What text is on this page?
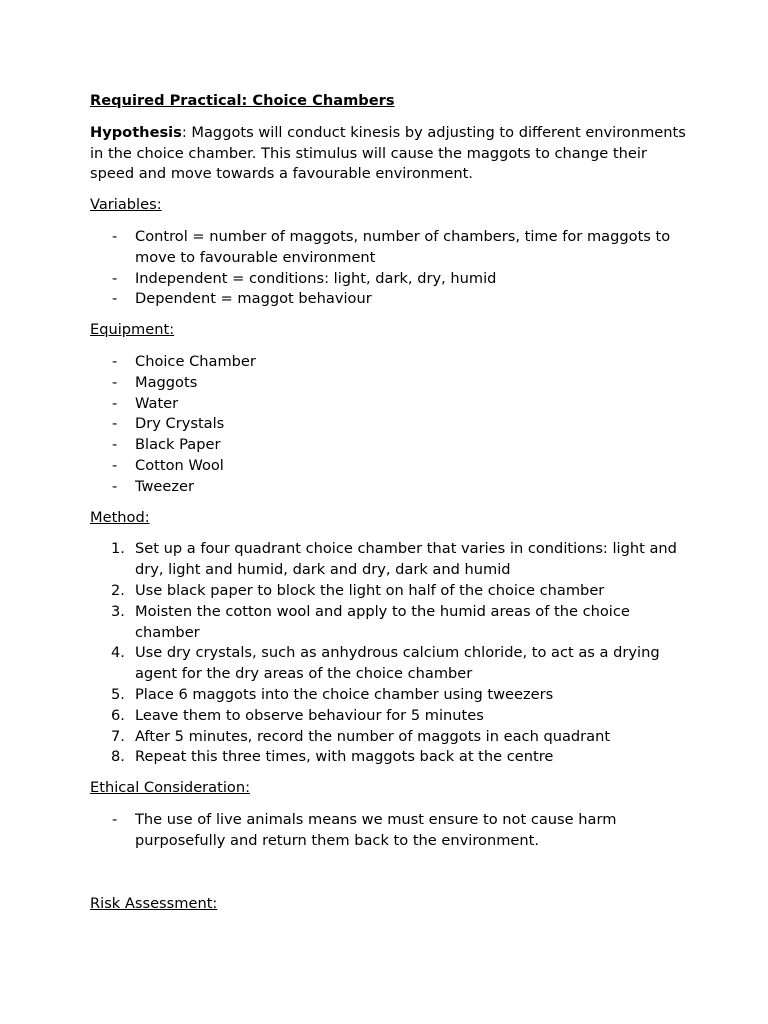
Required Practical: Choice Chambers
Hypothesis: Maggots will conduct kinesis by adjusting to different environments in the choice chamber. This stimulus will cause the maggots to change their speed and move towards a favourable environment.
Variables:
- Control = number of maggots, number of chambers, time for maggots to move to favourable environment
- Independent = conditions: light, dark, dry, humid
- Dependent = maggot behaviour
Equipment:
- Choice Chamber
- Maggots
- Water
- Dry Crystals
- Black Paper
- Cotton Wool
- Tweezer
Method:
1. Set up a four quadrant choice chamber that varies in conditions: light and dry, light and humid, dark and dry, dark and humid
2. Use black paper to block the light on half of the choice chamber
3. Moisten the cotton wool and apply to the humid areas of the choice chamber
4. Use dry crystals, such as anhydrous calcium chloride, to act as a drying agent for the dry areas of the choice chamber
5. Place 6 maggots into the choice chamber using tweezers
6. Leave them to observe behaviour for 5 minutes
7. After 5 minutes, record the number of maggots in each quadrant
8. Repeat this three times, with maggots back at the centre
Ethical Consideration:
- The use of live animals means we must ensure to not cause harm purposefully and return them back to the environment.
Risk Assessment:
